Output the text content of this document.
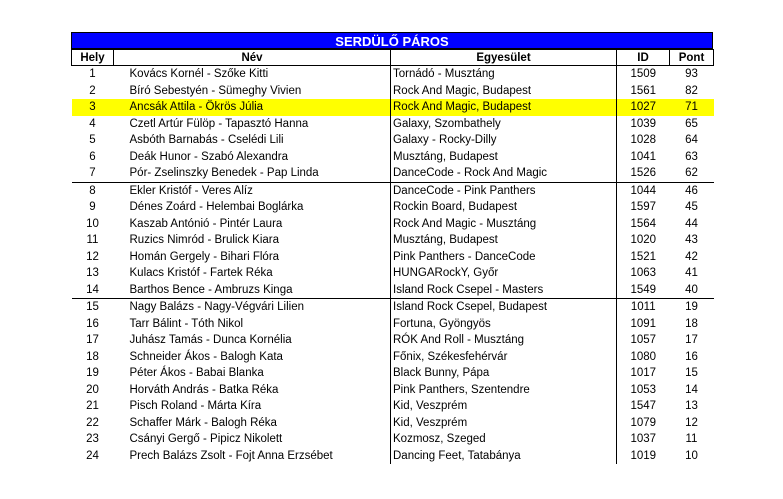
SERDÜLŐ PÁROS
Hely	Név	Egyesület	ID	Pont
1	Kovács Kornél - Szőke Kitti	Tornádó - Musztáng	1509	93
2	Bíró Sebestyén - Sümeghy Vivien	Rock And Magic, Budapest	1561	82
3	Ancsák Attila - Ökrös Júlia	Rock And Magic, Budapest	1027	71
4	Czetl Artúr Fülöp - Tapasztó Hanna	Galaxy, Szombathely	1039	65
5	Asbóth Barnabás - Cselédi Lili	Galaxy - Rocky-Dilly	1028	64
6	Deák Hunor - Szabó Alexandra	Musztáng, Budapest	1041	63
7	Pór- Zselinszky Benedek - Pap Linda	DanceCode - Rock And Magic	1526	62
8	Ekler Kristóf - Veres Alíz	DanceCode - Pink Panthers	1044	46
9	Dénes Zoárd - Helembai Boglárka	Rockin Board, Budapest	1597	45
10	Kaszab Antónió - Pintér Laura	Rock And Magic - Musztáng	1564	44
11	Ruzics Nimród - Brulick Kiara	Musztáng, Budapest	1020	43
12	Homán Gergely - Bihari Flóra	Pink Panthers - DanceCode	1521	42
13	Kulacs Kristóf - Fartek Réka	HUNGARockY, Győr	1063	41
14	Barthos Bence - Ambruzs Kinga	Island Rock Csepel - Masters	1549	40
15	Nagy Balázs - Nagy-Végvári Lilien	Island Rock Csepel, Budapest	1011	19
16	Tarr Bálint - Tóth Nikol	Fortuna, Gyöngyös	1091	18
17	Juhász Tamás - Dunca Kornélia	RÓK And Roll - Musztáng	1057	17
18	Schneider Ákos - Balogh Kata	Főnix, Székesfehérvár	1080	16
19	Péter Ákos - Babai Blanka	Black Bunny, Pápa	1017	15
20	Horváth András - Batka Réka	Pink Panthers, Szentendre	1053	14
21	Pisch Roland - Márta Kíra	Kid, Veszprém	1547	13
22	Schaffer Márk - Balogh Réka	Kid, Veszprém	1079	12
23	Csányi Gergő - Pipicz Nikolett	Kozmosz, Szeged	1037	11
24	Prech Balázs Zsolt - Fojt Anna Erzsébet	Dancing Feet, Tatabánya	1019	10
